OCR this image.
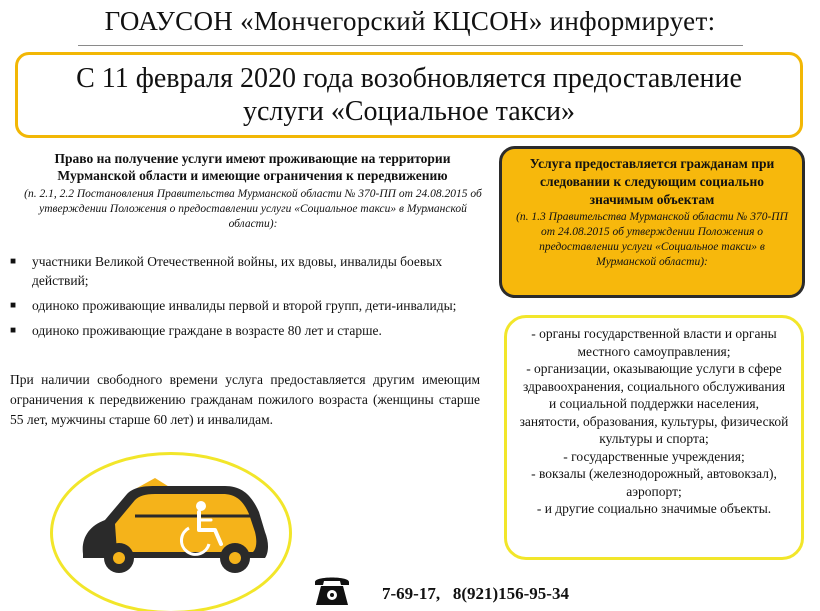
ГОАУСОН «Мончегорский КЦСОН» информирует:
С 11 февраля 2020 года возобновляется предоставление
услуги «Социальное такси»
Право на получение услуги имеют проживающие на территории Мурманской области и имеющие ограничения к передвижению
(п. 2.1, 2.2 Постановления Правительства Мурманской области № 370-ПП от 24.08.2015 об утверждении Положения о предоставлении услуги «Социальное такси» в Мурманской области):
■ участники Великой Отечественной войны, их вдовы, инвалиды боевых действий;
■ одиноко проживающие инвалиды первой и второй групп, дети-инвалиды;
■ одиноко проживающие граждане в возрасте 80 лет и старше.
При наличии свободного времени услуга предоставляется другим имеющим ограничения к передвижению гражданам пожилого возраста (женщины старше 55 лет, мужчины старше 60 лет) и инвалидам.
Услуга предоставляется гражданам при следовании к следующим социально значимым объектам
(п. 1.3 Правительства Мурманской области № 370-ПП от 24.08.2015 об утверждении Положения о предоставлении услуги «Социальное такси» в Мурманской области):

- органы государственной власти и органы местного самоуправления;

- организации, оказывающие услуги в сфере здравоохранения, социального обслуживания и социальной поддержки населения, занятости, образования, культуры, физической культуры и спорта;

- государственные учреждения;

- вокзалы (железнодорожный, автовокзал), аэропорт;

- и другие социально значимые объекты.

7-69-17,   8(921)156-95-34
